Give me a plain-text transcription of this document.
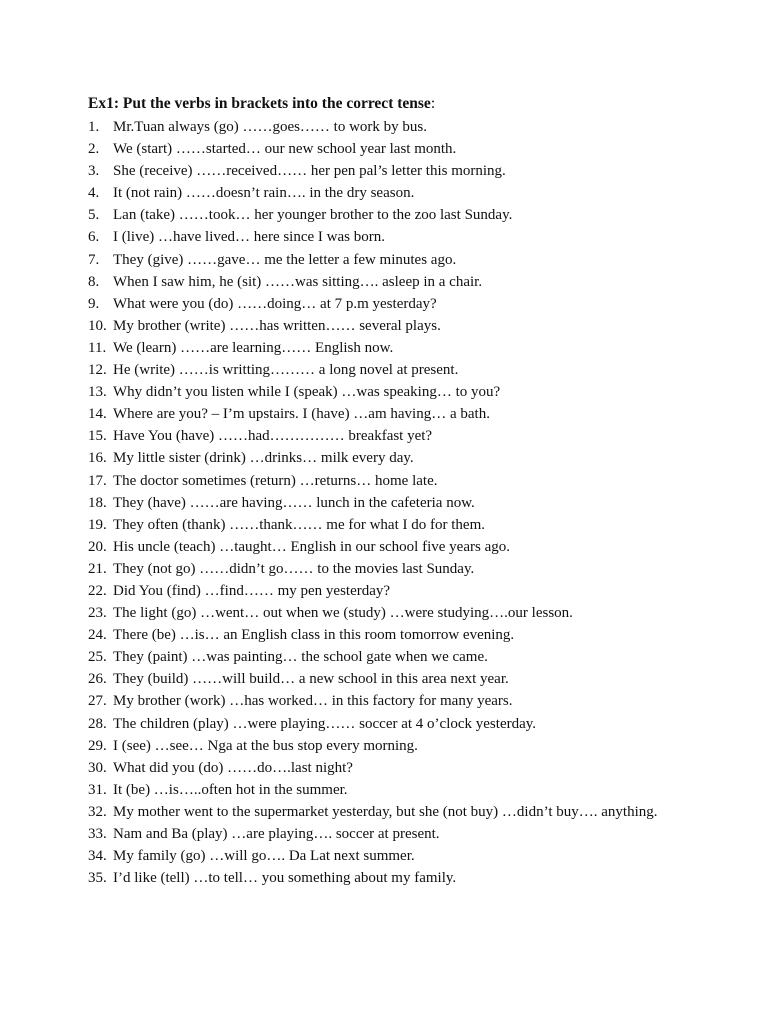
Ex1: Put the verbs in brackets into the correct tense:
1. Mr.Tuan always (go) ……goes…… to work by bus.
2. We (start) ……started… our new school year last month.
3. She (receive) ……received…… her pen pal’s letter this morning.
4. It (not rain) ……doesn’t rain…. in the dry season.
5. Lan (take) ……took… her younger brother to the zoo last Sunday.
6. I (live) …have lived… here since I was born.
7. They (give) ……gave… me the letter a few minutes ago.
8. When I saw him, he (sit) ……was sitting…. asleep in a chair.
9. What were you (do) ……doing… at 7 p.m yesterday?
10. My brother (write) ……has written…… several plays.
11. We (learn) ……are learning…… English now.
12. He (write) ……is writting……… a long novel at present.
13. Why didn’t you listen while I (speak) …was speaking… to you?
14. Where are you? – I’m upstairs. I (have) …am having… a bath.
15. Have You (have) ……had…………… breakfast yet?
16. My little sister (drink) …drinks… milk every day.
17. The doctor sometimes (return) …returns… home late.
18. They (have) ……are having…… lunch in the cafeteria now.
19. They often (thank) ……thank…… me for what I do for them.
20. His uncle (teach) …taught… English in our school five years ago.
21. They (not go) ……didn’t go…… to the movies last Sunday.
22. Did You (find) …find…… my pen yesterday?
23. The light (go) …went… out when we (study) …were studying….our lesson.
24. There (be) …is… an English class in this room tomorrow evening.
25. They (paint) …was painting… the school gate when we came.
26. They (build) ……will build… a new school in this area next year.
27. My brother (work) …has worked… in this factory for many years.
28. The children (play) …were playing…… soccer at 4 o’clock yesterday.
29. I (see) …see… Nga at the bus stop every morning.
30. What did you (do) ……do….last night?
31. It (be) …is…..often hot in the summer.
32. My mother went to the supermarket yesterday, but she (not buy) …didn’t buy…. anything.
33. Nam and Ba (play) …are playing…. soccer at present.
34. My family (go) …will go…. Da Lat next summer.
35. I’d like (tell) …to tell… you something about my family.
